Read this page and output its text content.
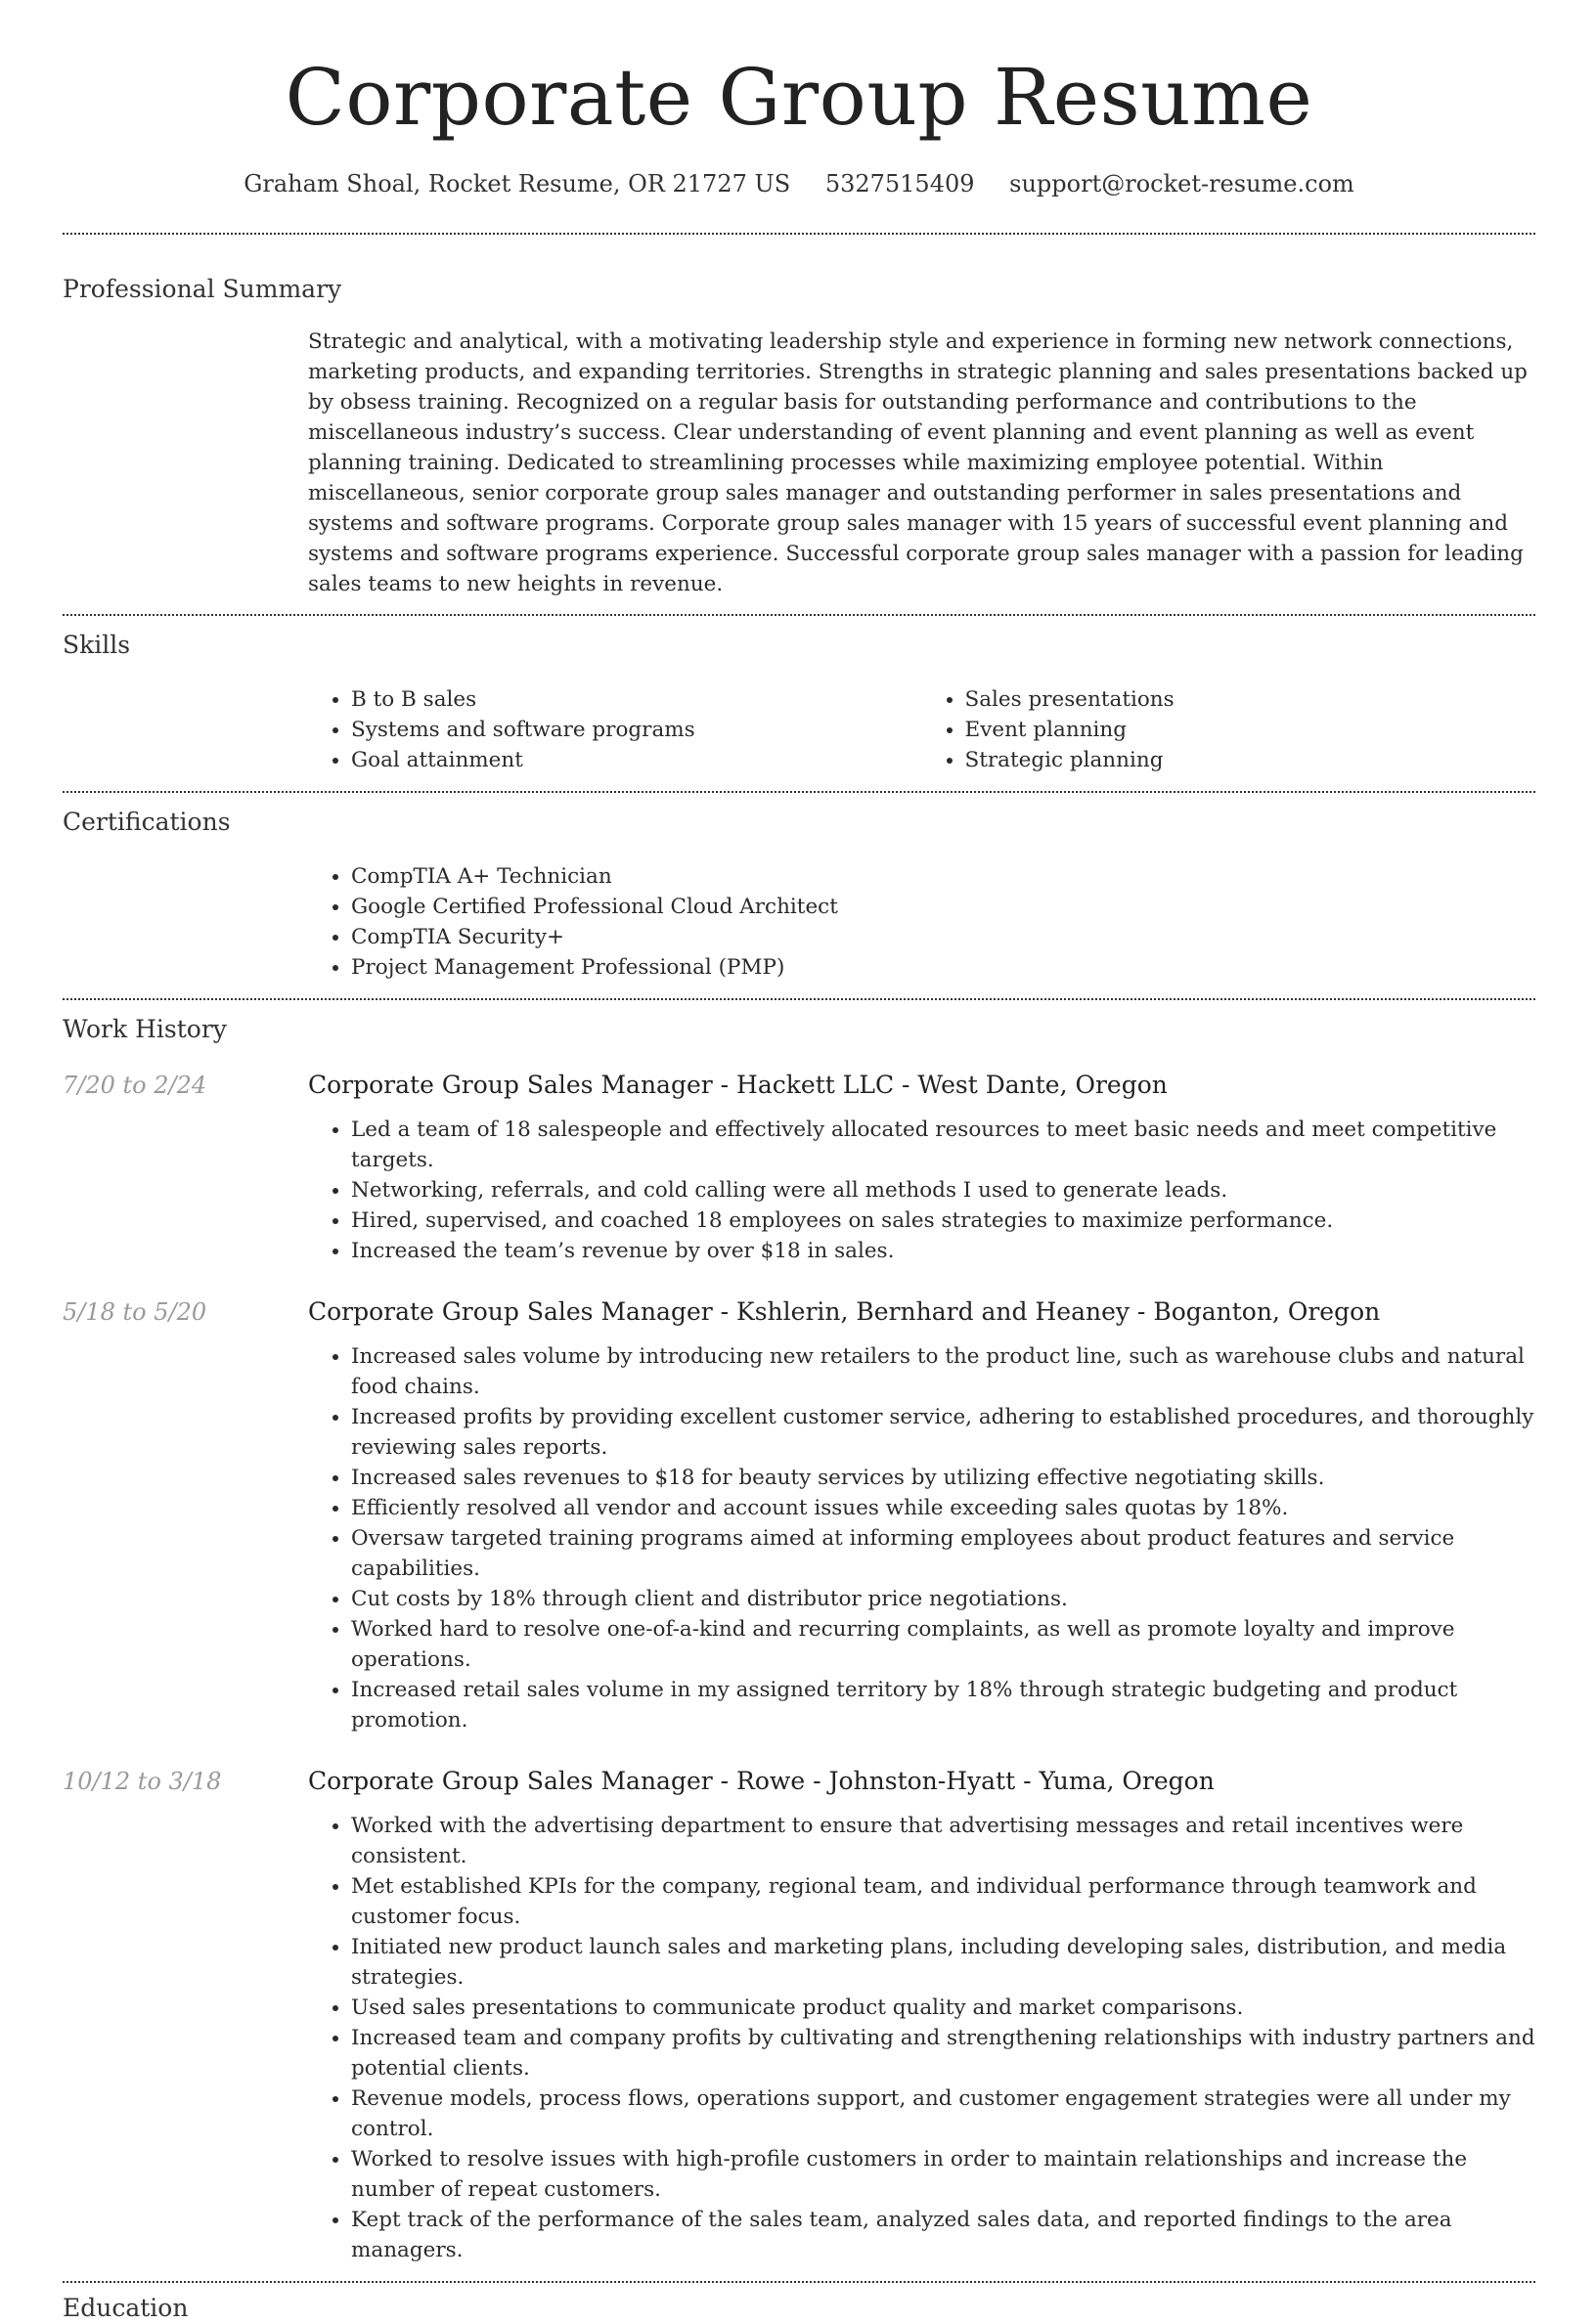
Corporate Group Resume
Graham Shoal, Rocket Resume, OR 21727 US 5327515409 support@rocket-resume.com
Professional Summary

Strategic and analytical, with a motivating leadership style and experience in forming new network connections, marketing products, and expanding territories. Strengths in strategic planning and sales presentations backed up by obsess training. Recognized on a regular basis for outstanding performance and contributions to the miscellaneous industry’s success. Clear understanding of event planning and event planning as well as event planning training. Dedicated to streamlining processes while maximizing employee potential. Within miscellaneous, senior corporate group sales manager and outstanding performer in sales presentations and systems and software programs. Corporate group sales manager with 15 years of successful event planning and systems and software programs experience. Successful corporate group sales manager with a passion for leading sales teams to new heights in revenue.

Skills
• B to B sales
• Systems and software programs
• Goal attainment
• Sales presentations
• Event planning
• Strategic planning
Certifications
• CompTIA A+ Technician
• Google Certified Professional Cloud Architect
• CompTIA Security+
• Project Management Professional (PMP)
Work History
7/20 to 2/24	Corporate Group Sales Manager - Hackett LLC - West Dante, Oregon
• Led a team of 18 salespeople and effectively allocated resources to meet basic needs and meet competitive targets.
• Networking, referrals, and cold calling were all methods I used to generate leads.
• Hired, supervised, and coached 18 employees on sales strategies to maximize performance.
• Increased the team’s revenue by over $18 in sales.
5/18 to 5/20	Corporate Group Sales Manager - Kshlerin, Bernhard and Heaney - Boganton, Oregon
• Increased sales volume by introducing new retailers to the product line, such as warehouse clubs and natural food chains.
• Increased profits by providing excellent customer service, adhering to established procedures, and thoroughly reviewing sales reports.
• Increased sales revenues to $18 for beauty services by utilizing effective negotiating skills.
• Efficiently resolved all vendor and account issues while exceeding sales quotas by 18%.
• Oversaw targeted training programs aimed at informing employees about product features and service capabilities.
• Cut costs by 18% through client and distributor price negotiations.
• Worked hard to resolve one-of-a-kind and recurring complaints, as well as promote loyalty and improve operations.
• Increased retail sales volume in my assigned territory by 18% through strategic budgeting and product promotion.
10/12 to 3/18	Corporate Group Sales Manager - Rowe - Johnston-Hyatt - Yuma, Oregon
• Worked with the advertising department to ensure that advertising messages and retail incentives were consistent.
• Met established KPIs for the company, regional team, and individual performance through teamwork and customer focus.
• Initiated new product launch sales and marketing plans, including developing sales, distribution, and media strategies.
• Used sales presentations to communicate product quality and market comparisons.
• Increased team and company profits by cultivating and strengthening relationships with industry partners and potential clients.
• Revenue models, process flows, operations support, and customer engagement strategies were all under my control.
• Worked to resolve issues with high-profile customers in order to maintain relationships and increase the number of repeat customers.
• Kept track of the performance of the sales team, analyzed sales data, and reported findings to the area managers.
Education
